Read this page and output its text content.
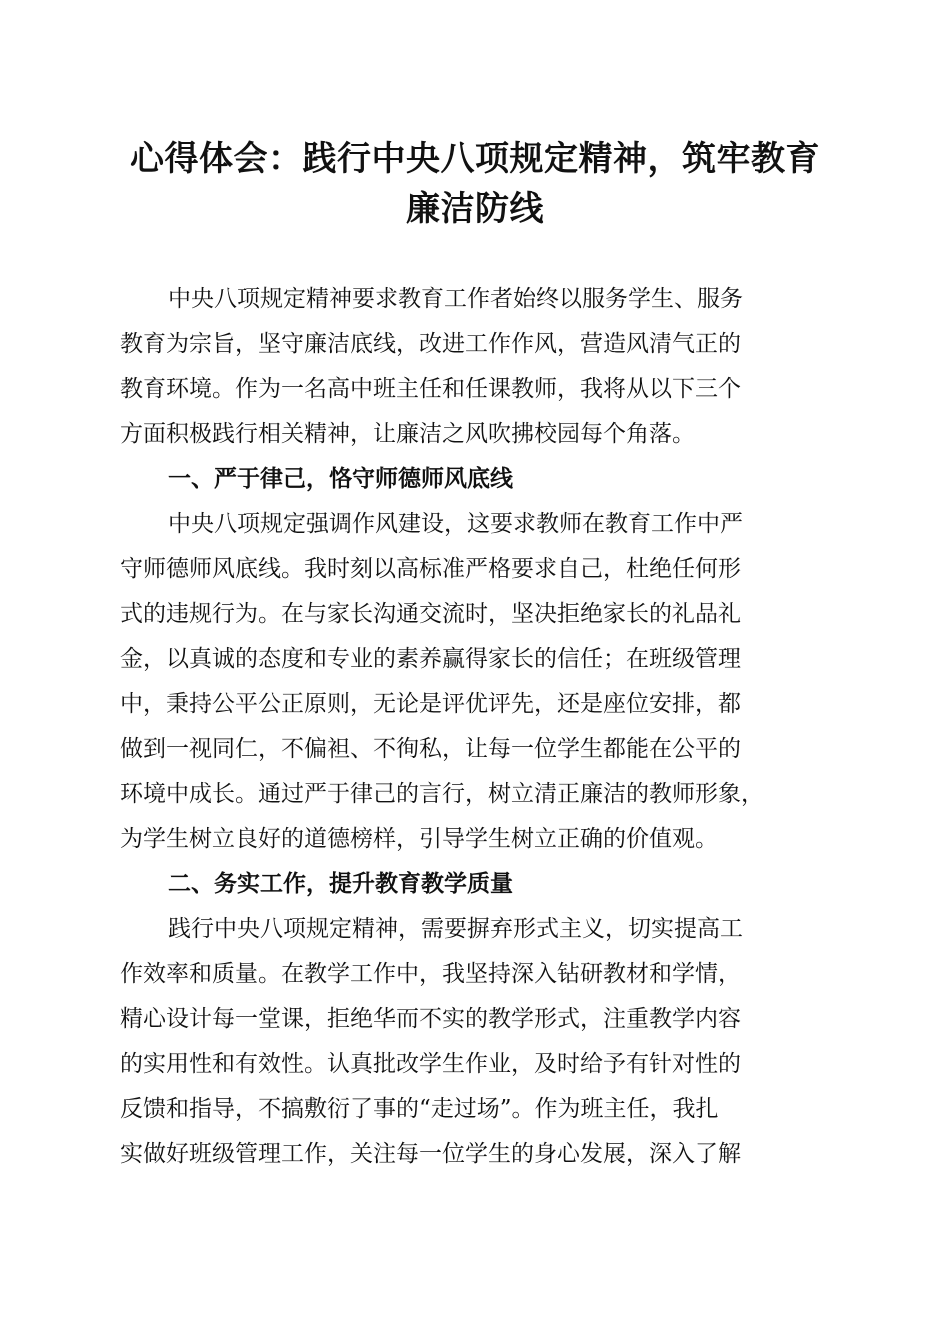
心得体会：践行中央八项规定精神，筑牢教育
廉洁防线

中央八项规定精神要求教育工作者始终以服务学生、服务
教育为宗旨，坚守廉洁底线，改进工作作风，营造风清气正的
教育环境。作为一名高中班主任和任课教师，我将从以下三个
方面积极践行相关精神，让廉洁之风吹拂校园每个角落。

一、严于律己，恪守师德师风底线

中央八项规定强调作风建设，这要求教师在教育工作中严
守师德师风底线。我时刻以高标准严格要求自己，杜绝任何形
式的违规行为。在与家长沟通交流时，坚决拒绝家长的礼品礼
金，以真诚的态度和专业的素养赢得家长的信任；在班级管理
中，秉持公平公正原则，无论是评优评先，还是座位安排，都
做到一视同仁，不偏袒、不徇私，让每一位学生都能在公平的
环境中成长。通过严于律己的言行，树立清正廉洁的教师形象，
为学生树立良好的道德榜样，引导学生树立正确的价值观。

二、务实工作，提升教育教学质量

践行中央八项规定精神，需要摒弃形式主义，切实提高工
作效率和质量。在教学工作中，我坚持深入钻研教材和学情，
精心设计每一堂课，拒绝华而不实的教学形式，注重教学内容
的实用性和有效性。认真批改学生作业，及时给予有针对性的
反馈和指导，不搞敷衍了事的“走过场”。作为班主任，我扎
实做好班级管理工作，关注每一位学生的身心发展，深入了解
